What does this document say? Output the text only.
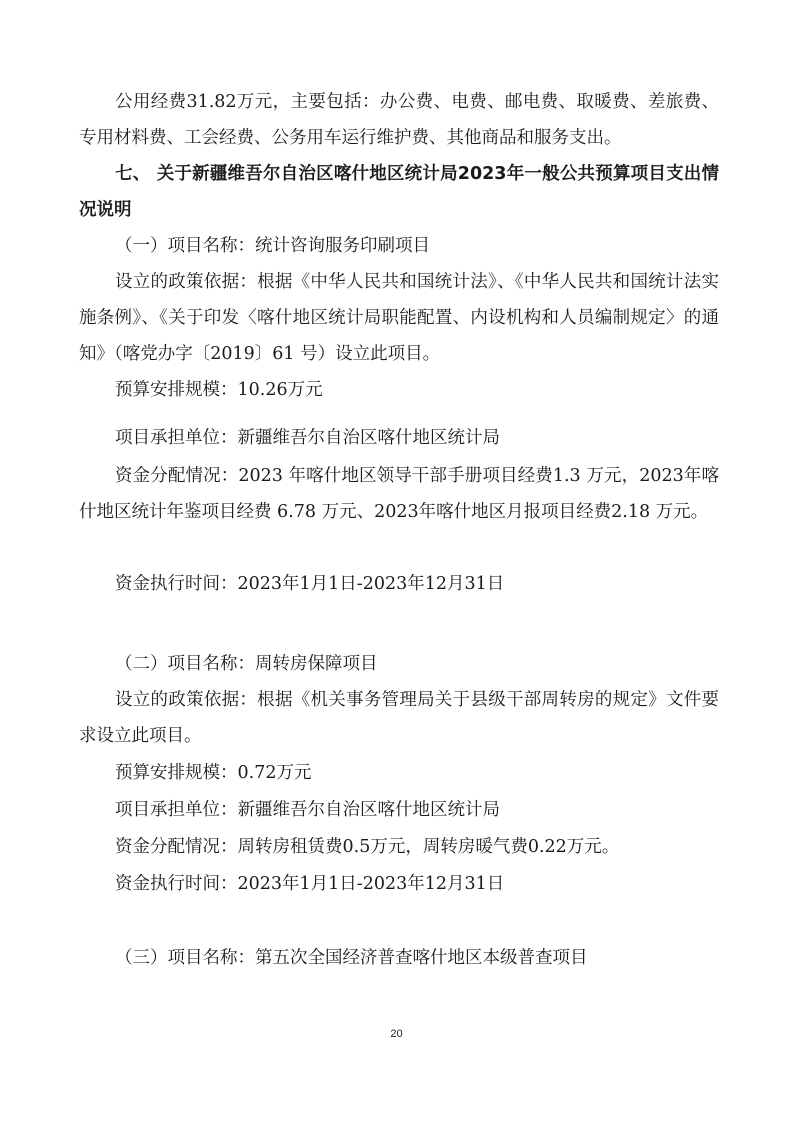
公用经费31.82万元，主要包括：办公费、电费、邮电费、取暖费、差旅费、专用材料费、工会经费、公务用车运行维护费、其他商品和服务支出。

七、 关于新疆维吾尔自治区喀什地区统计局2023年一般公共预算项目支出情况说明

（一）项目名称：统计咨询服务印刷项目

设立的政策依据：根据《中华人民共和国统计法》、《中华人民共和国统计法实施条例》、《关于印发〈喀什地区统计局职能配置、内设机构和人员编制规定〉的通知》（喀党办字〔2019〕61 号）设立此项目。

预算安排规模：10.26万元

项目承担单位：新疆维吾尔自治区喀什地区统计局

资金分配情况：2023 年喀什地区领导干部手册项目经费1.3 万元，2023年喀什地区统计年鉴项目经费 6.78 万元、2023年喀什地区月报项目经费2.18 万元。

资金执行时间：2023年1月1日-2023年12月31日

（二）项目名称：周转房保障项目

设立的政策依据：根据《机关事务管理局关于县级干部周转房的规定》文件要求设立此项目。

预算安排规模：0.72万元

项目承担单位：新疆维吾尔自治区喀什地区统计局

资金分配情况：周转房租赁费0.5万元，周转房暖气费0.22万元。

资金执行时间：2023年1月1日-2023年12月31日

（三）项目名称：第五次全国经济普查喀什地区本级普查项目

20
